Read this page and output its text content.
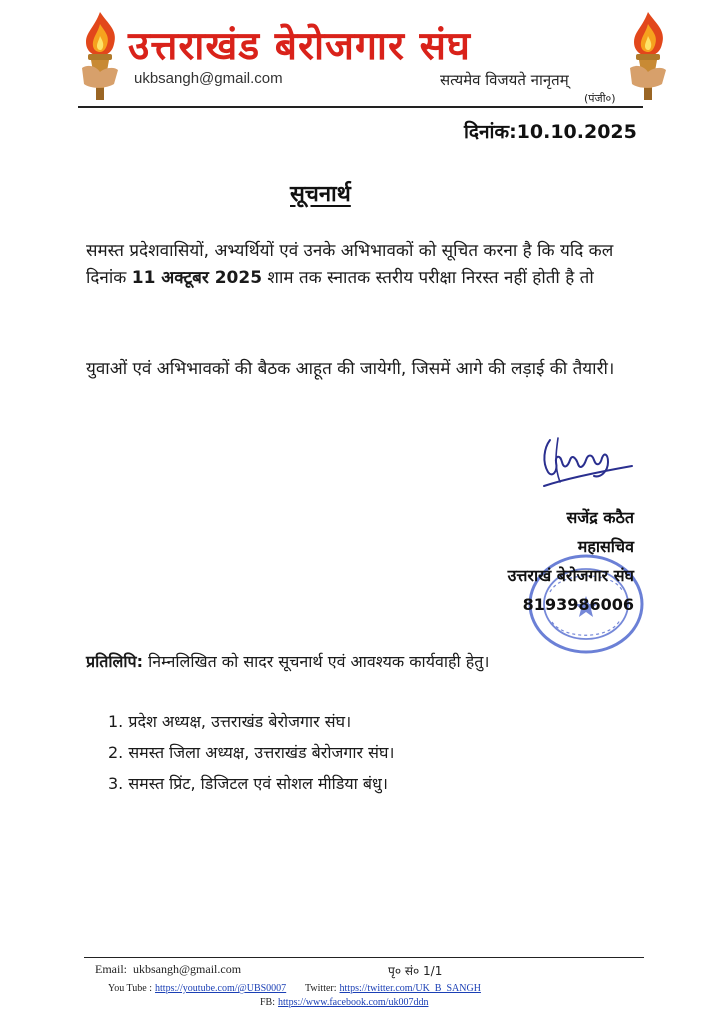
उत्तराखंड बेरोजगार संघ
ukbsangh@gmail.com	सत्यमेव विजयते नानृतम्
(पंजी०)
दिनांक:10.10.2025
सूचनार्थ
समस्त प्रदेशवासियों, अभ्यर्थियों एवं उनके अभिभावकों को सूचित करना है कि यदि कल दिनांक 11 अक्टूबर 2025 शाम तक स्नातक स्तरीय परीक्षा निरस्त नहीं होती है तो
युवाओं एवं अभिभावकों की बैठक आहूत की जायेगी, जिसमें आगे की लड़ाई की तैयारी।
सजेंद्र कठैत
महासचिव
उत्तराखं बेरोजगार संघ
8193986006
प्रतिलिपि: निम्नलिखित को सादर सूचनार्थ एवं आवश्यक कार्यवाही हेतु।
1. प्रदेश अध्यक्ष, उत्तराखंड बेरोजगार संघ।
2. समस्त जिला अध्यक्ष, उत्तराखंड बेरोजगार संघ।
3. समस्त प्रिंट, डिजिटल एवं सोशल मीडिया बंधु।
Email: ukbsangh@gmail.com	पृ० सं० 1/1
You Tube : https://youtube.com/@UBS0007 Twitter: https://twitter.com/UK_B_SANGH
FB: https://www.facebook.com/uk007ddn
